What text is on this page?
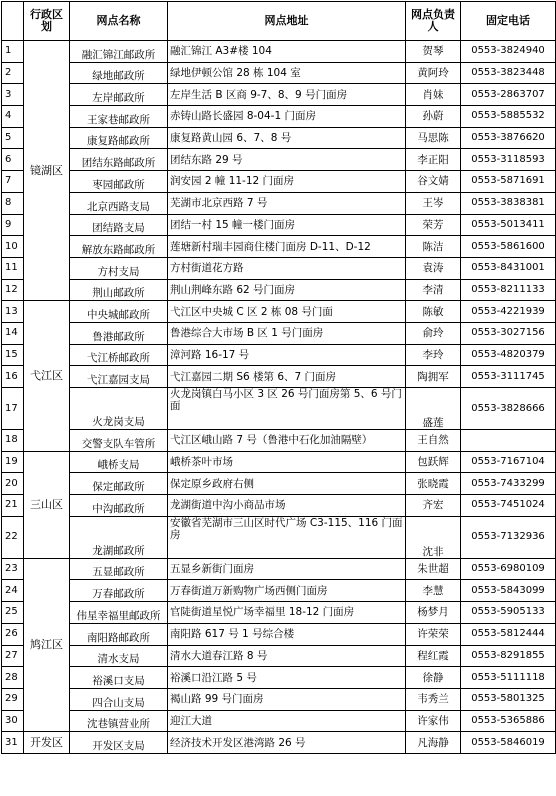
	行政区划	网点名称	网点地址	网点负责人	固定电话
1	镜湖区	融汇锦江邮政所	融汇锦江 A3#楼 104	贺琴	0553-3824940
2		绿地邮政所	绿地伊顿公馆 28 栋 104 室	黄阿玲	0553-3823448
3		左岸邮政所	左岸生活 B 区商 9-7、8、9 号门面房	肖妹	0553-2863707
4		王家巷邮政所	赤铸山路长盛园 8-04-1 门面房	孙蔚	0553-5885532
5		康复路邮政所	康复路黄山园 6、7、8 号	马思陈	0553-3876620
6		团结东路邮政所	团结东路 29 号	李正阳	0553-3118593
7		枣园邮政所	润安园 2 幢 11-12 门面房	谷文婧	0553-5871691
8		北京西路支局	芜湖市北京西路 7 号	王岑	0553-3838381
9		团结路支局	团结一村 15 幢一楼门面房	荣芳	0553-5013411
10		解放东路邮政所	莲塘新村瑞丰园商住楼门面房 D-11、D-12	陈洁	0553-5861600
11		方村支局	方村街道花方路	袁涛	0553-8431001
12		荆山邮政所	荆山荆峰东路 62 号门面房	李清	0553-8211133
13	弋江区	中央城邮政所	弋江区中央城 C 区 2 栋 08 号门面	陈敏	0553-4221939
14		鲁港邮政所	鲁港综合大市场 B 区 1 号门面房	俞玲	0553-3027156
15		弋江桥邮政所	漳河路 16-17 号	李玲	0553-4820379
16		弋江嘉园支局	弋江嘉园二期 S6 楼第 6、7 门面房	陶拥军	0553-3111745
17		火龙岗支局	火龙岗镇白马小区 3 区 26 号门面房第 5、6 号门面	盛莲	0553-3828666
18		交警支队车管所	弋江区峨山路 7 号（鲁港中石化加油隔壁）	王自然	
19	三山区	峨桥支局	峨桥茶叶市场	包跃辉	0553-7167104
20		保定邮政所	保定原乡政府右侧	张晓霞	0553-7433299
21		中沟邮政所	龙湖街道中沟小商品市场	齐宏	0553-7451024
22		龙湖邮政所	安徽省芜湖市三山区时代广场 C3-115、116 门面房	沈非	0553-7132936
23	鸠江区	五显邮政所	五显乡新街门面房	朱世超	0553-6980109
24		万春邮政所	万春街道万新购物广场西侧门面房	李慧	0553-5843099
25		伟星幸福里邮政所	官陡街道星悦广场幸福里 18-12 门面房	杨梦月	0553-5905133
26		南阳路邮政所	南阳路 617 号 1 号综合楼	许荣荣	0553-5812444
27		清水支局	清水大道春江路 8 号	程红霞	0553-8291855
28		裕溪口支局	裕溪口沿江路 5 号	徐静	0553-5111118
29		四合山支局	褐山路 99 号门面房	韦秀兰	0553-5801325
30		沈巷镇营业所	迎江大道	许家伟	0553-5365886
31	开发区	开发区支局	经济技术开发区港湾路 26 号	凡海静	0553-5846019
